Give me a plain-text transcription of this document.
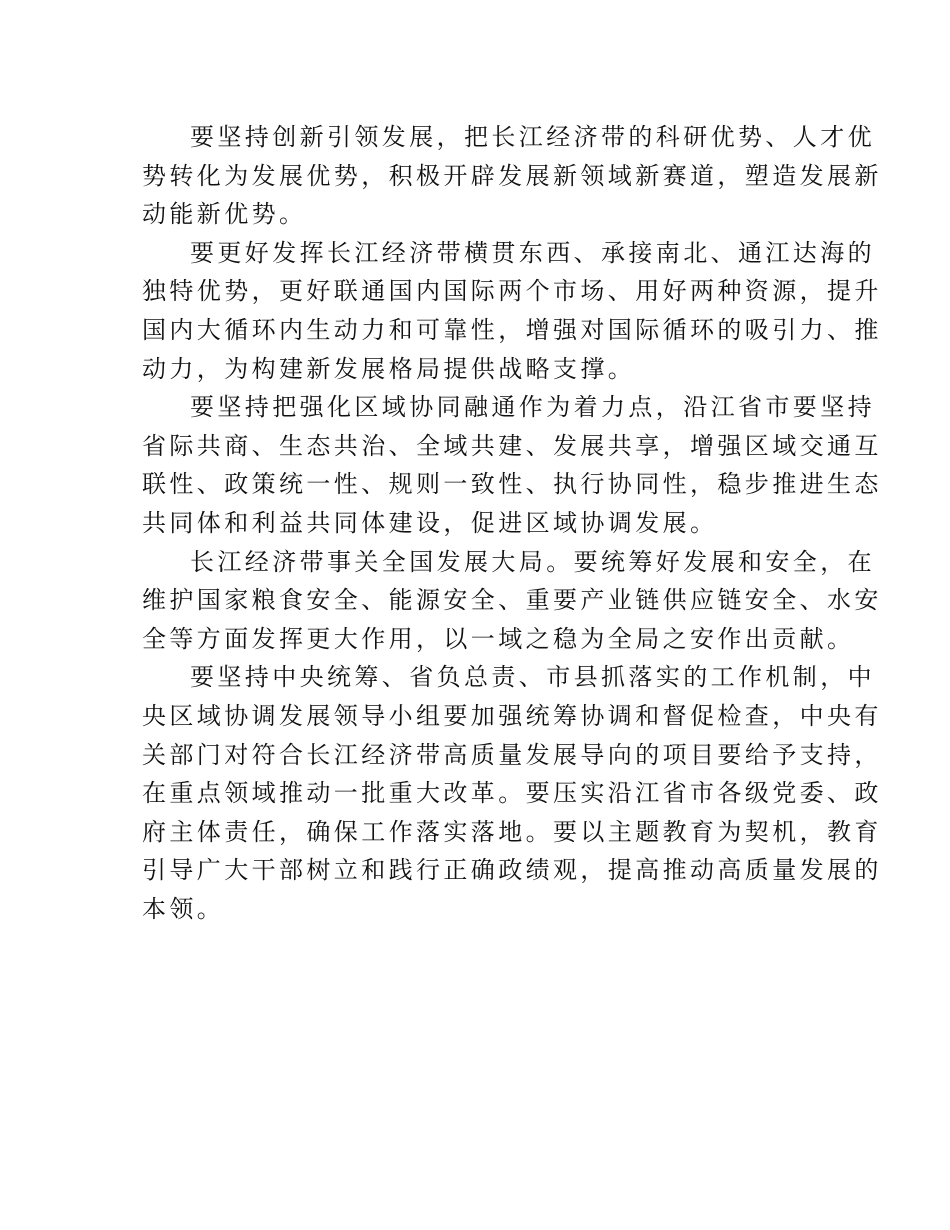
要坚持创新引领发展，把长江经济带的科研优势、人才优
势转化为发展优势，积极开辟发展新领域新赛道，塑造发展新
动能新优势。
要更好发挥长江经济带横贯东西、承接南北、通江达海的
独特优势，更好联通国内国际两个市场、用好两种资源，提升
国内大循环内生动力和可靠性，增强对国际循环的吸引力、推
动力，为构建新发展格局提供战略支撑。
要坚持把强化区域协同融通作为着力点，沿江省市要坚持
省际共商、生态共治、全域共建、发展共享，增强区域交通互
联性、政策统一性、规则一致性、执行协同性，稳步推进生态
共同体和利益共同体建设，促进区域协调发展。
长江经济带事关全国发展大局。要统筹好发展和安全，在
维护国家粮食安全、能源安全、重要产业链供应链安全、水安
全等方面发挥更大作用，以一域之稳为全局之安作出贡献。
要坚持中央统筹、省负总责、市县抓落实的工作机制，中
央区域协调发展领导小组要加强统筹协调和督促检查，中央有
关部门对符合长江经济带高质量发展导向的项目要给予支持，
在重点领域推动一批重大改革。要压实沿江省市各级党委、政
府主体责任，确保工作落实落地。要以主题教育为契机，教育
引导广大干部树立和践行正确政绩观，提高推动高质量发展的
本领。
